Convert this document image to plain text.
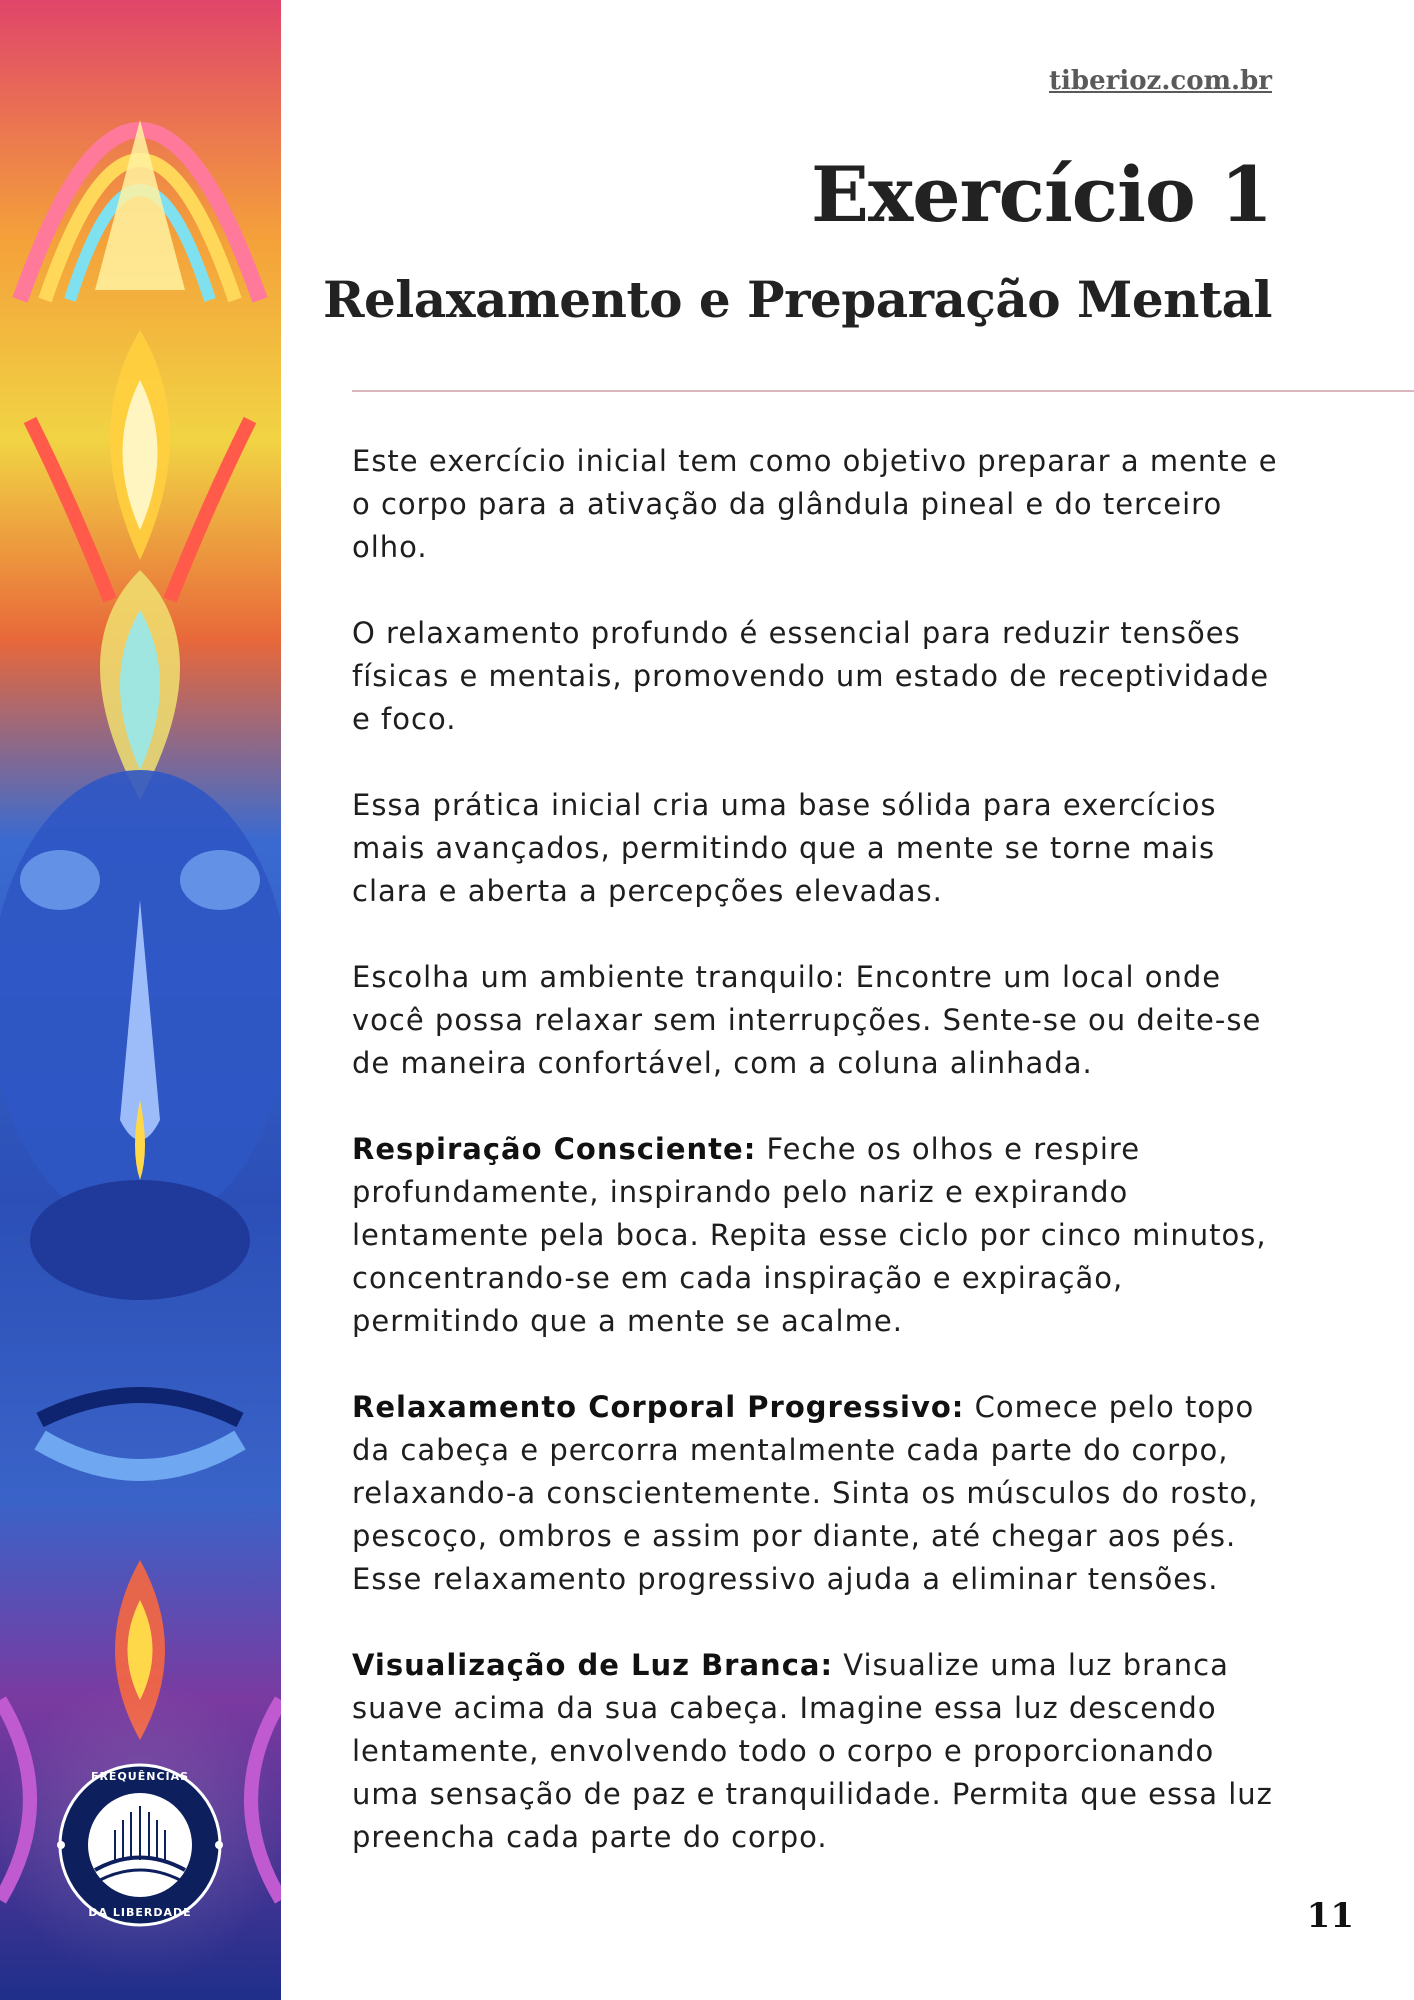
FREQUÊNCIAS
DA LIBERDADE
tiberioz.com.br
Exercício 1
Relaxamento e Preparação Mental

Este exercício inicial tem como objetivo preparar a mente e o corpo para a ativação da glândula pineal e do terceiro olho.

O relaxamento profundo é essencial para reduzir tensões físicas e mentais, promovendo um estado de receptividade e foco.

Essa prática inicial cria uma base sólida para exercícios mais avançados, permitindo que a mente se torne mais clara e aberta a percepções elevadas.

Escolha um ambiente tranquilo: Encontre um local onde você possa relaxar sem interrupções. Sente-se ou deite-se de maneira confortável, com a coluna alinhada.

Respiração Consciente: Feche os olhos e respire profundamente, inspirando pelo nariz e expirando lentamente pela boca. Repita esse ciclo por cinco minutos, concentrando-se em cada inspiração e expiração, permitindo que a mente se acalme.

Relaxamento Corporal Progressivo: Comece pelo topo da cabeça e percorra mentalmente cada parte do corpo, relaxando-a conscientemente. Sinta os músculos do rosto, pescoço, ombros e assim por diante, até chegar aos pés. Esse relaxamento progressivo ajuda a eliminar tensões.

Visualização de Luz Branca: Visualize uma luz branca suave acima da sua cabeça. Imagine essa luz descendo lentamente, envolvendo todo o corpo e proporcionando uma sensação de paz e tranquilidade. Permita que essa luz preencha cada parte do corpo.

11
